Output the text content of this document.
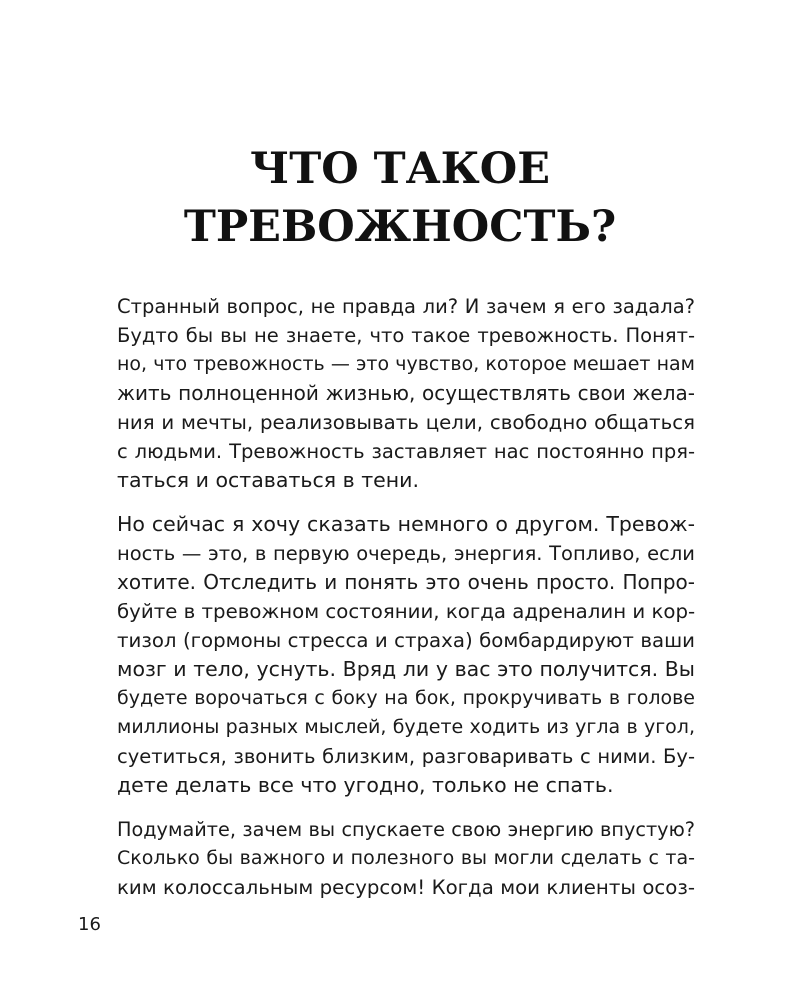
ЧТО ТАКОЕ
ТРЕВОЖНОСТЬ?
Странный вопрос, не правда ли? И зачем я его задала?
Будто бы вы не знаете, что такое тревожность. Понят-
но, что тревожность — это чувство, которое мешает нам
жить полноценной жизнью, осуществлять свои жела-
ния и мечты, реализовывать цели, свободно общаться
с людьми. Тревожность заставляет нас постоянно пря-
таться и оставаться в тени.
Но сейчас я хочу сказать немного о другом. Тревож-
ность — это, в первую очередь, энергия. Топливо, если
хотите. Отследить и понять это очень просто. Попро-
буйте в тревожном состоянии, когда адреналин и кор-
тизол (гормоны стресса и страха) бомбардируют ваши
мозг и тело, уснуть. Вряд ли у вас это получится. Вы
будете ворочаться с боку на бок, прокручивать в голове
миллионы разных мыслей, будете ходить из угла в угол,
суетиться, звонить близким, разговаривать с ними. Бу-
дете делать все что угодно, только не спать.
Подумайте, зачем вы спускаете свою энергию впустую?
Сколько бы важного и полезного вы могли сделать с та-
ким колоссальным ресурсом! Когда мои клиенты осоз-
16
